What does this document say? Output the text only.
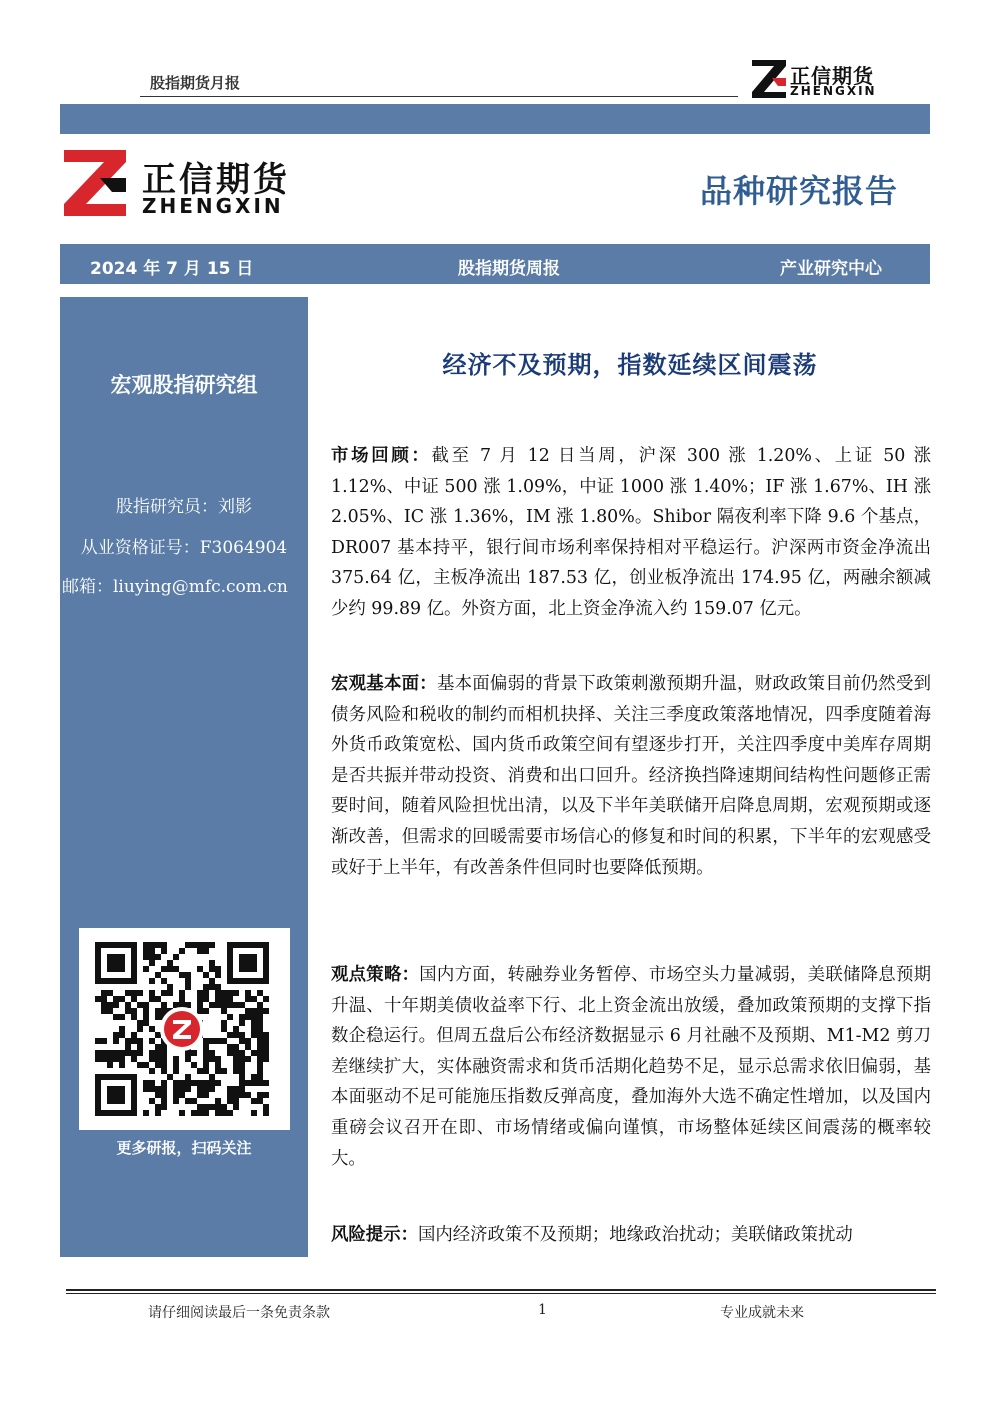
股指期货月报	正信期货
ZHENGXIN
正信期货
ZHENGXIN	品种研究报告
2024 年 7 月 15 日	股指期货周报	产业研究中心
宏观股指研究组
股指研究员：刘影
从业资格证号：F3064904
邮箱：liuying@mfc.com.cn
更多研报，扫码关注
经济不及预期，指数延续区间震荡
市场回顾：截至 7 月 12 日当周，沪深 300 涨 1.20%、上证 50 涨 1.12%、中证 500 涨 1.09%，中证 1000 涨 1.40%；IF 涨 1.67%、IH 涨 2.05%、IC 涨 1.36%，IM 涨 1.80%。Shibor 隔夜利率下降 9.6 个基点，DR007 基本持平，银行间市场利率保持相对平稳运行。沪深两市资金净流出 375.64 亿，主板净流出 187.53 亿，创业板净流出 174.95 亿，两融余额减少约 99.89 亿。外资方面，北上资金净流入约 159.07 亿元。
宏观基本面：基本面偏弱的背景下政策刺激预期升温，财政政策目前仍然受到债务风险和税收的制约而相机抉择、关注三季度政策落地情况，四季度随着海外货币政策宽松、国内货币政策空间有望逐步打开，关注四季度中美库存周期是否共振并带动投资、消费和出口回升。经济换挡降速期间结构性问题修正需要时间，随着风险担忧出清，以及下半年美联储开启降息周期，宏观预期或逐渐改善，但需求的回暖需要市场信心的修复和时间的积累，下半年的宏观感受或好于上半年，有改善条件但同时也要降低预期。
观点策略：国内方面，转融券业务暂停、市场空头力量减弱，美联储降息预期升温、十年期美债收益率下行、北上资金流出放缓，叠加政策预期的支撑下指数企稳运行。但周五盘后公布经济数据显示 6 月社融不及预期、M1-M2 剪刀差继续扩大，实体融资需求和货币活期化趋势不足，显示总需求依旧偏弱，基本面驱动不足可能施压指数反弹高度，叠加海外大选不确定性增加，以及国内重磅会议召开在即、市场情绪或偏向谨慎，市场整体延续区间震荡的概率较大。
风险提示：国内经济政策不及预期；地缘政治扰动；美联储政策扰动
请仔细阅读最后一条免责条款	1	专业成就未来
